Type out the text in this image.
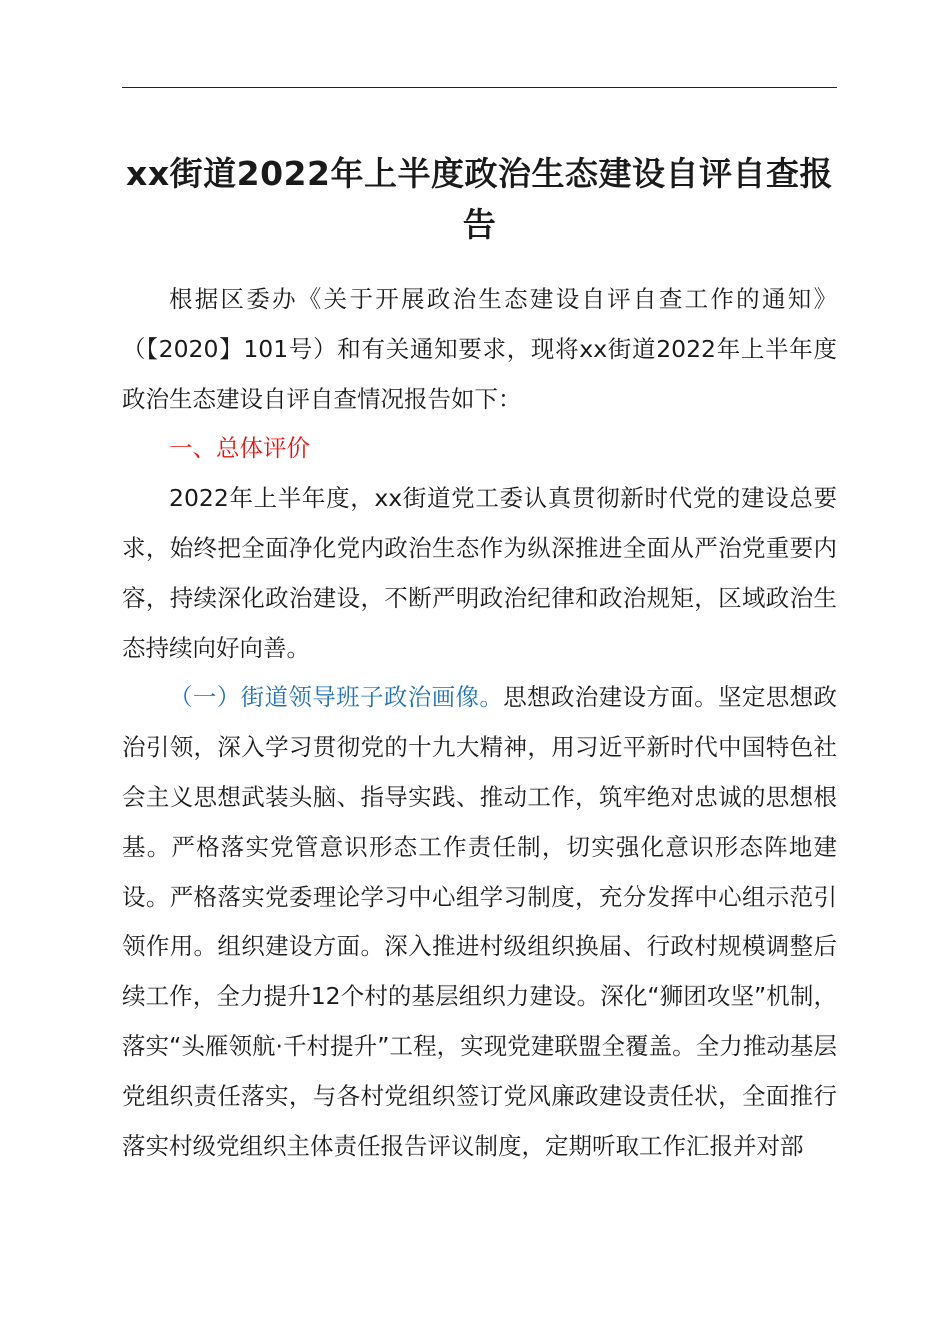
xx街道2022年上半度政治生态建设自评自查报告

根据区委办《关于开展政治生态建设自评自查工作的通知》（【2020】101号）和有关通知要求，现将xx街道2022年上半年度政治生态建设自评自查情况报告如下：

一、总体评价

2022年上半年度，xx街道党工委认真贯彻新时代党的建设总要求，始终把全面净化党内政治生态作为纵深推进全面从严治党重要内容，持续深化政治建设，不断严明政治纪律和政治规矩，区域政治生态持续向好向善。

（一）街道领导班子政治画像。思想政治建设方面。坚定思想政治引领，深入学习贯彻党的十九大精神，用习近平新时代中国特色社会主义思想武装头脑、指导实践、推动工作，筑牢绝对忠诚的思想根基。严格落实党管意识形态工作责任制，切实强化意识形态阵地建设。严格落实党委理论学习中心组学习制度，充分发挥中心组示范引领作用。组织建设方面。深入推进村级组织换届、行政村规模调整后续工作，全力提升12个村的基层组织力建设。深化“狮团攻坚”机制，落实“头雁领航·千村提升”工程，实现党建联盟全覆盖。全力推动基层党组织责任落实，与各村党组织签订党风廉政建设责任状，全面推行落实村级党组织主体责任报告评议制度，定期听取工作汇报并对部
